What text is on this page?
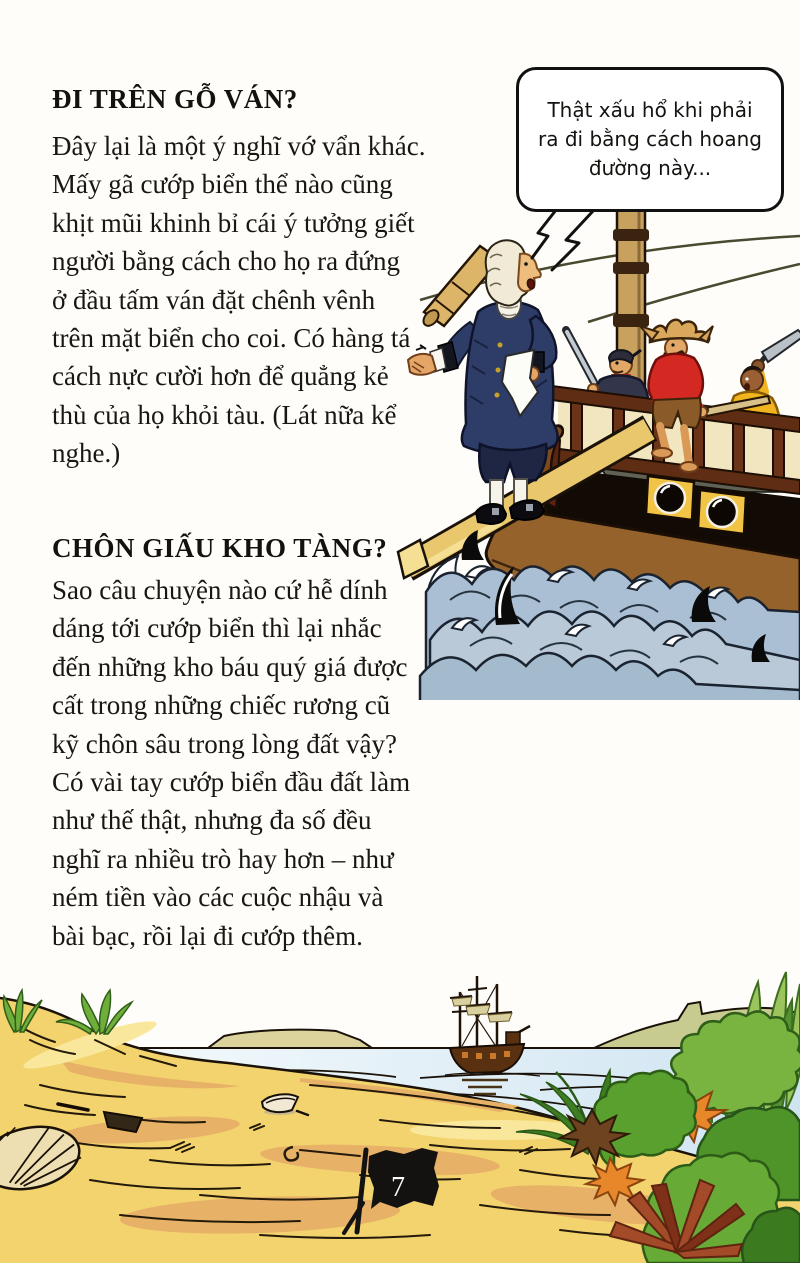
ĐI TRÊN GỖ VÁN?
Đây lại là một ý nghĩ vớ vẩn khác.
Mấy gã cướp biển thể nào cũng
khịt mũi khinh bỉ cái ý tưởng giết
người bằng cách cho họ ra đứng
ở đầu tấm ván đặt chênh vênh
trên mặt biển cho coi. Có hàng tá
cách nực cười hơn để quẳng kẻ
thù của họ khỏi tàu. (Lát nữa kể
nghe.)
CHÔN GIẤU KHO TÀNG?
Sao câu chuyện nào cứ hễ dính
dáng tới cướp biển thì lại nhắc
đến những kho báu quý giá được
cất trong những chiếc rương cũ
kỹ chôn sâu trong lòng đất vậy?
Có vài tay cướp biển đầu đất làm
như thế thật, nhưng đa số đều
nghĩ ra nhiều trò hay hơn – như
ném tiền vào các cuộc nhậu và
bài bạc, rồi lại đi cướp thêm.
Thật xấu hổ khi phải
ra đi bằng cách hoang
đường này...
7
